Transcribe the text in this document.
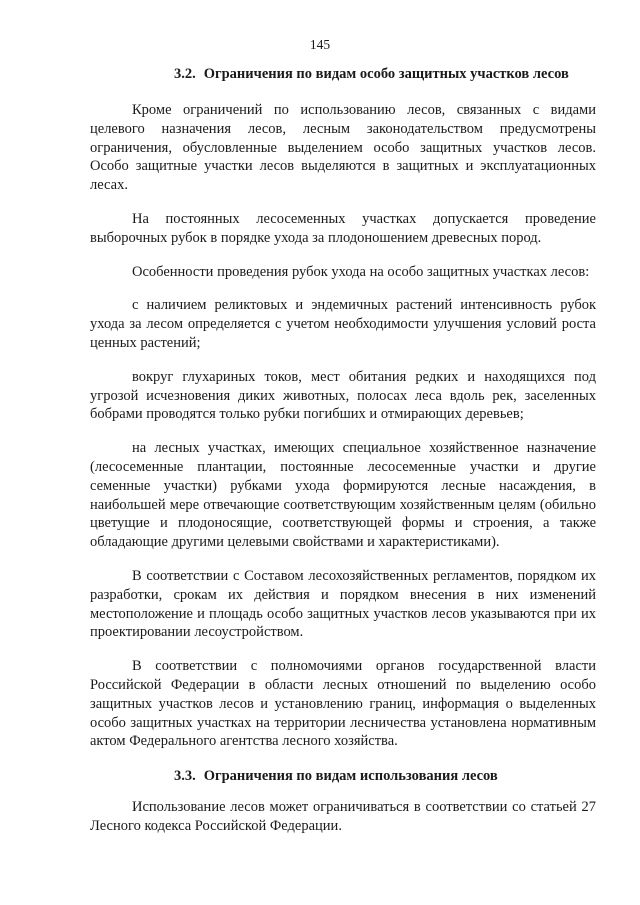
145
3.2. Ограничения по видам особо защитных участков лесов

Кроме ограничений по использованию лесов, связанных с видами целевого назначения лесов, лесным законодательством предусмотрены ограничения, обусловленные выделением особо защитных участков лесов. Особо защитные участки лесов выделяются в защитных и эксплуатационных лесах.

На постоянных лесосеменных участках допускается проведение выборочных рубок в порядке ухода за плодоношением древесных пород.

Особенности проведения рубок ухода на особо защитных участках лесов:

с наличием реликтовых и эндемичных растений интенсивность рубок ухода за лесом определяется с учетом необходимости улучшения условий роста ценных растений;

вокруг глухариных токов, мест обитания редких и находящихся под угрозой исчезновения диких животных, полосах леса вдоль рек, заселенных бобрами проводятся только рубки погибших и отмирающих деревьев;

на лесных участках, имеющих специальное хозяйственное назначение (лесосеменные плантации, постоянные лесосеменные участки и другие семенные участки) рубками ухода формируются лесные насаждения, в наибольшей мере отвечающие соответствующим хозяйственным целям (обильно цветущие и плодоносящие, соответствующей формы и строения, а также обладающие другими целевыми свойствами и характеристиками).

В соответствии с Составом лесохозяйственных регламентов, порядком их разработки, срокам их действия и порядком внесения в них изменений местоположение и площадь особо защитных участков лесов указываются при их проектировании лесоустройством.

В соответствии с полномочиями органов государственной власти Российской Федерации в области лесных отношений по выделению особо защитных участков лесов и установлению границ, информация о выделенных особо защитных участках на территории лесничества установлена нормативным актом Федерального агентства лесного хозяйства.

3.3. Ограничения по видам использования лесов

Использование лесов может ограничиваться в соответствии со статьей 27 Лесного кодекса Российской Федерации.
